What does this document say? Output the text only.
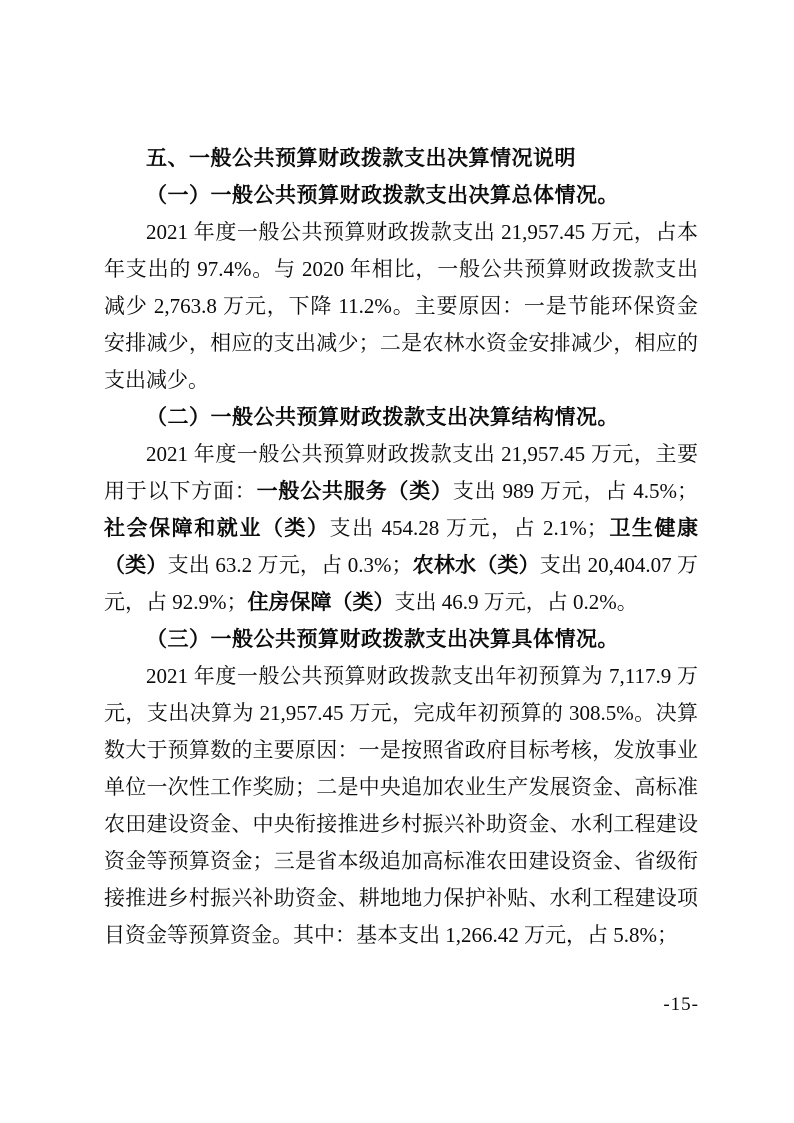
五、一般公共预算财政拨款支出决算情况说明
（一）一般公共预算财政拨款支出决算总体情况。

2021 年度一般公共预算财政拨款支出 21,957.45 万元，占本年支出的 97.4%。与 2020 年相比，一般公共预算财政拨款支出减少 2,763.8 万元，下降 11.2%。主要原因：一是节能环保资金安排减少，相应的支出减少；二是农林水资金安排减少，相应的支出减少。

（二）一般公共预算财政拨款支出决算结构情况。

2021 年度一般公共预算财政拨款支出 21,957.45 万元，主要用于以下方面：一般公共服务（类）支出 989 万元，占 4.5%；社会保障和就业（类）支出 454.28 万元，占 2.1%；卫生健康（类）支出 63.2 万元，占 0.3%；农林水（类）支出 20,404.07 万元，占 92.9%；住房保障（类）支出 46.9 万元，占 0.2%。

（三）一般公共预算财政拨款支出决算具体情况。

2021 年度一般公共预算财政拨款支出年初预算为 7,117.9 万元，支出决算为 21,957.45 万元，完成年初预算的 308.5%。决算数大于预算数的主要原因：一是按照省政府目标考核，发放事业单位一次性工作奖励；二是中央追加农业生产发展资金、高标准农田建设资金、中央衔接推进乡村振兴补助资金、水利工程建设资金等预算资金；三是省本级追加高标准农田建设资金、省级衔接推进乡村振兴补助资金、耕地地力保护补贴、水利工程建设项目资金等预算资金。其中：基本支出 1,266.42 万元，占 5.8%；

-15-
